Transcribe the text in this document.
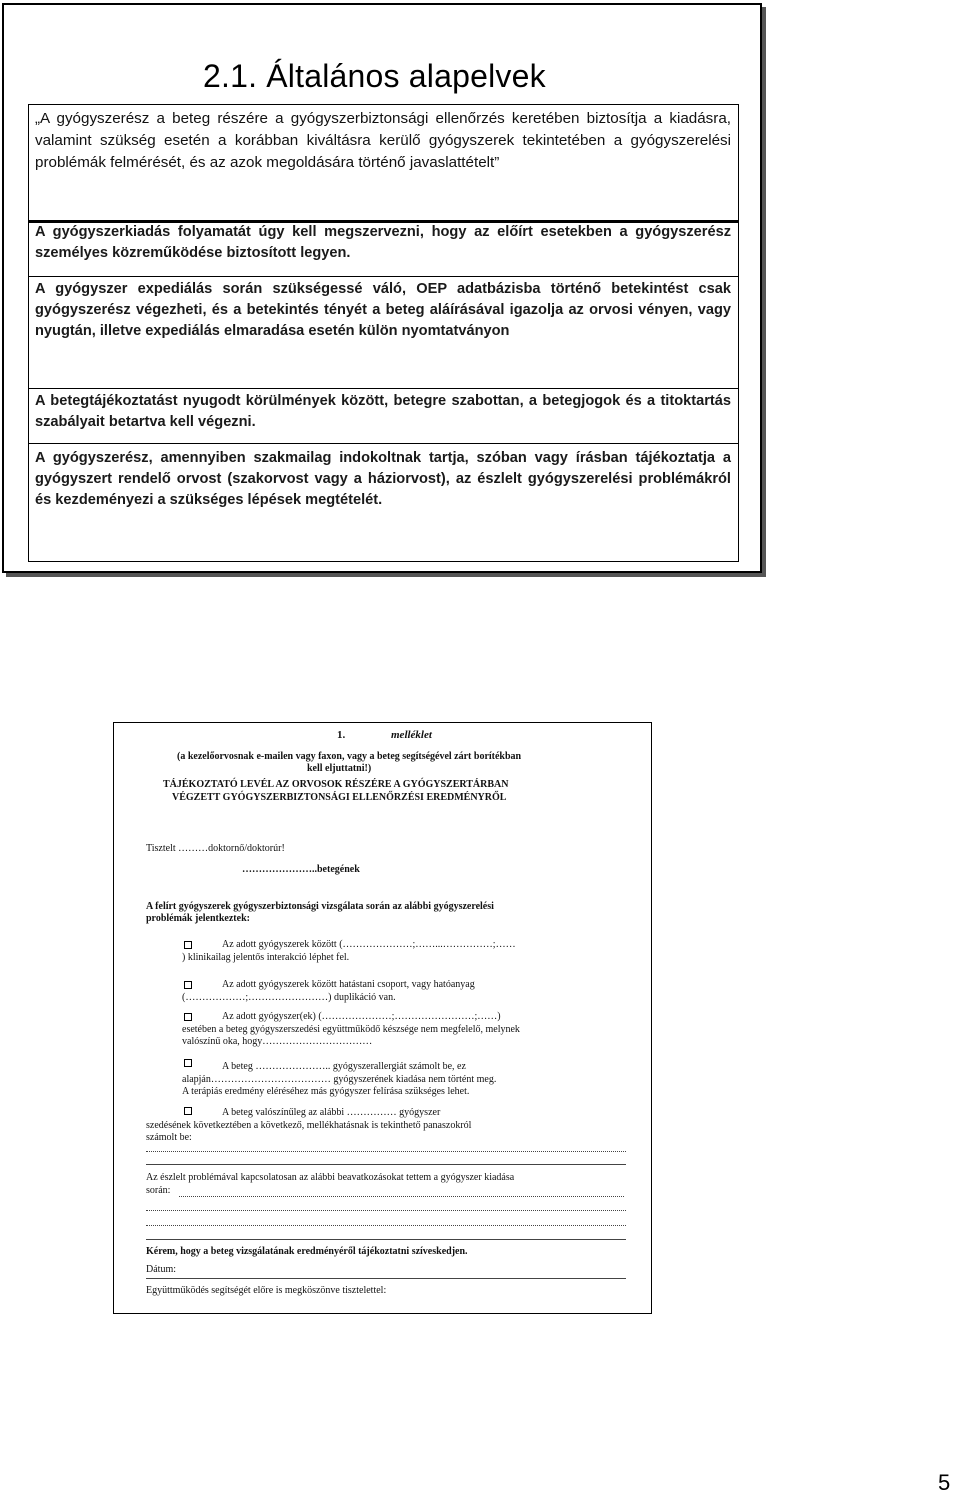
2.1. Általános alapelvek
„A gyógyszerész a beteg részére a gyógyszerbiztonsági ellenőrzés keretében biztosítja a kiadásra, valamint szükség esetén a korábban kiváltásra kerülő gyógyszerek tekintetében a gyógyszerelési problémák felmérését, és az azok megoldására történő javaslattételt”
A gyógyszerkiadás folyamatát úgy kell megszervezni, hogy az előírt esetekben a gyógyszerész személyes közreműködése biztosított legyen.
A gyógyszer expediálás során szükségessé váló, OEP adatbázisba történő betekintést csak gyógyszerész végezheti, és a betekintés tényét a beteg aláírásával igazolja az orvosi vényen, vagy nyugtán, illetve expediálás elmaradása esetén külön nyomtatványon
A betegtájékoztatást nyugodt körülmények között, betegre szabottan, a betegjogok és a titoktartás szabályait betartva kell végezni.
A gyógyszerész, amennyiben szakmailag indokoltnak tartja, szóban vagy írásban tájékoztatja a gyógyszert rendelő orvost (szakorvost vagy a háziorvost), az észlelt gyógyszerelési problémákról és kezdeményezi a szükséges lépések megtételét.
1.	melléklet
(a kezelőorvosnak e-mailen vagy faxon, vagy a beteg segítségével zárt borítékban
kell eljuttatni!)
TÁJÉKOZTATÓ LEVÉL AZ ORVOSOK RÉSZÉRE A GYÓGYSZERTÁRBAN
VÉGZETT GYÓGYSZERBIZTONSÁGI ELLENŐRZÉSI EREDMÉNYRŐL
Tisztelt ………doktornő/doktorúr!
…………………..betegének
A felírt gyógyszerek gyógyszerbiztonsági vizsgálata során az alábbi gyógyszerelési
problémák jelentkeztek:
Az adott gyógyszerek között (…………………;……...……………;……
) klinikailag jelentős interakció léphet fel.
Az adott gyógyszerek között hatástani csoport, vagy hatóanyag
(………………;……………………) duplikáció van.
Az adott gyógyszer(ek) (…………………;……………………;……)
esetében a beteg gyógyszerszedési együttműködő készsége nem megfelelő, melynek
valószínű oka, hogy……………………………
A beteg ………………….. gyógyszerallergiát számolt be, ez
alapján……………………………… gyógyszerének kiadása nem történt meg.
A terápiás eredmény eléréséhez más gyógyszer felírása szükséges lehet.
A beteg valószínűleg az alábbi …………… gyógyszer
szedésének következtében a következő, mellékhatásnak is tekinthető panaszokról
számolt be:
Az észlelt problémával kapcsolatosan az alábbi beavatkozásokat tettem a gyógyszer kiadása
során:
Kérem, hogy a beteg vizsgálatának eredményéről tájékoztatni szíveskedjen.
Dátum:
Együttműködés segítségét előre is megköszönve tisztelettel:
5
